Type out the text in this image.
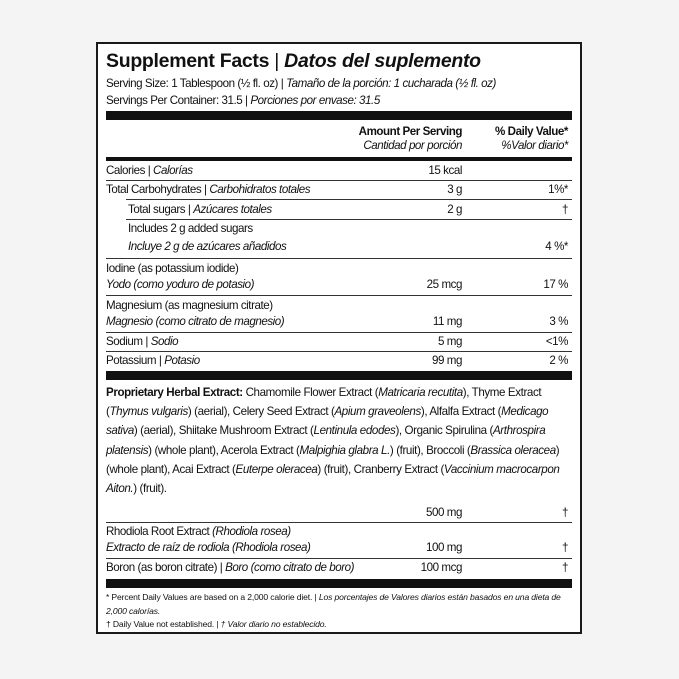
Supplement Facts | Datos del suplemento
Serving Size: 1 Tablespoon (½ fl. oz) | Tamaño de la porción: 1 cucharada (½ fl. oz)
Servings Per Container: 31.5 | Porciones por envase: 31.5
Amount Per Serving
Cantidad por porción
% Daily Value*
%Valor diario*
Calories | Calorías	15 kcal
Total Carbohydrates | Carbohidratos totales	3 g	1%*
Total sugars | Azúcares totales	2 g	†
Includes 2 g added sugars
Incluye 2 g de azúcares añadidos	4 %*
Iodine (as potassium iodide)
Yodo (como yoduro de potasio)	25 mcg	17 %
Magnesium (as magnesium citrate)
Magnesio (como citrato de magnesio)	11 mg	3 %
Sodium | Sodio	5 mg	<1%
Potassium | Potasio	99 mg	2 %
Proprietary Herbal Extract: Chamomile Flower Extract (Matricaria recutita), Thyme Extract (Thymus vulgaris) (aerial), Celery Seed Extract (Apium graveolens), Alfalfa Extract (Medicago sativa) (aerial), Shiitake Mushroom Extract (Lentinula edodes), Organic Spirulina (Arthrospira platensis) (whole plant), Acerola Extract (Malpighia glabra L.) (fruit), Broccoli (Brassica oleracea) (whole plant), Acai Extract (Euterpe oleracea) (fruit), Cranberry Extract (Vaccinium macrocarpon Aiton.) (fruit).
500 mg	†
Rhodiola Root Extract (Rhodiola rosea)
Extracto de raíz de rodiola (Rhodiola rosea)	100 mg	†
Boron (as boron citrate) | Boro (como citrato de boro)	100 mcg	†
* Percent Daily Values are based on a 2,000 calorie diet. | Los porcentajes de Valores diarios están basados en una dieta de 2,000 calorías.
† Daily Value not established. | † Valor diario no establecido.
